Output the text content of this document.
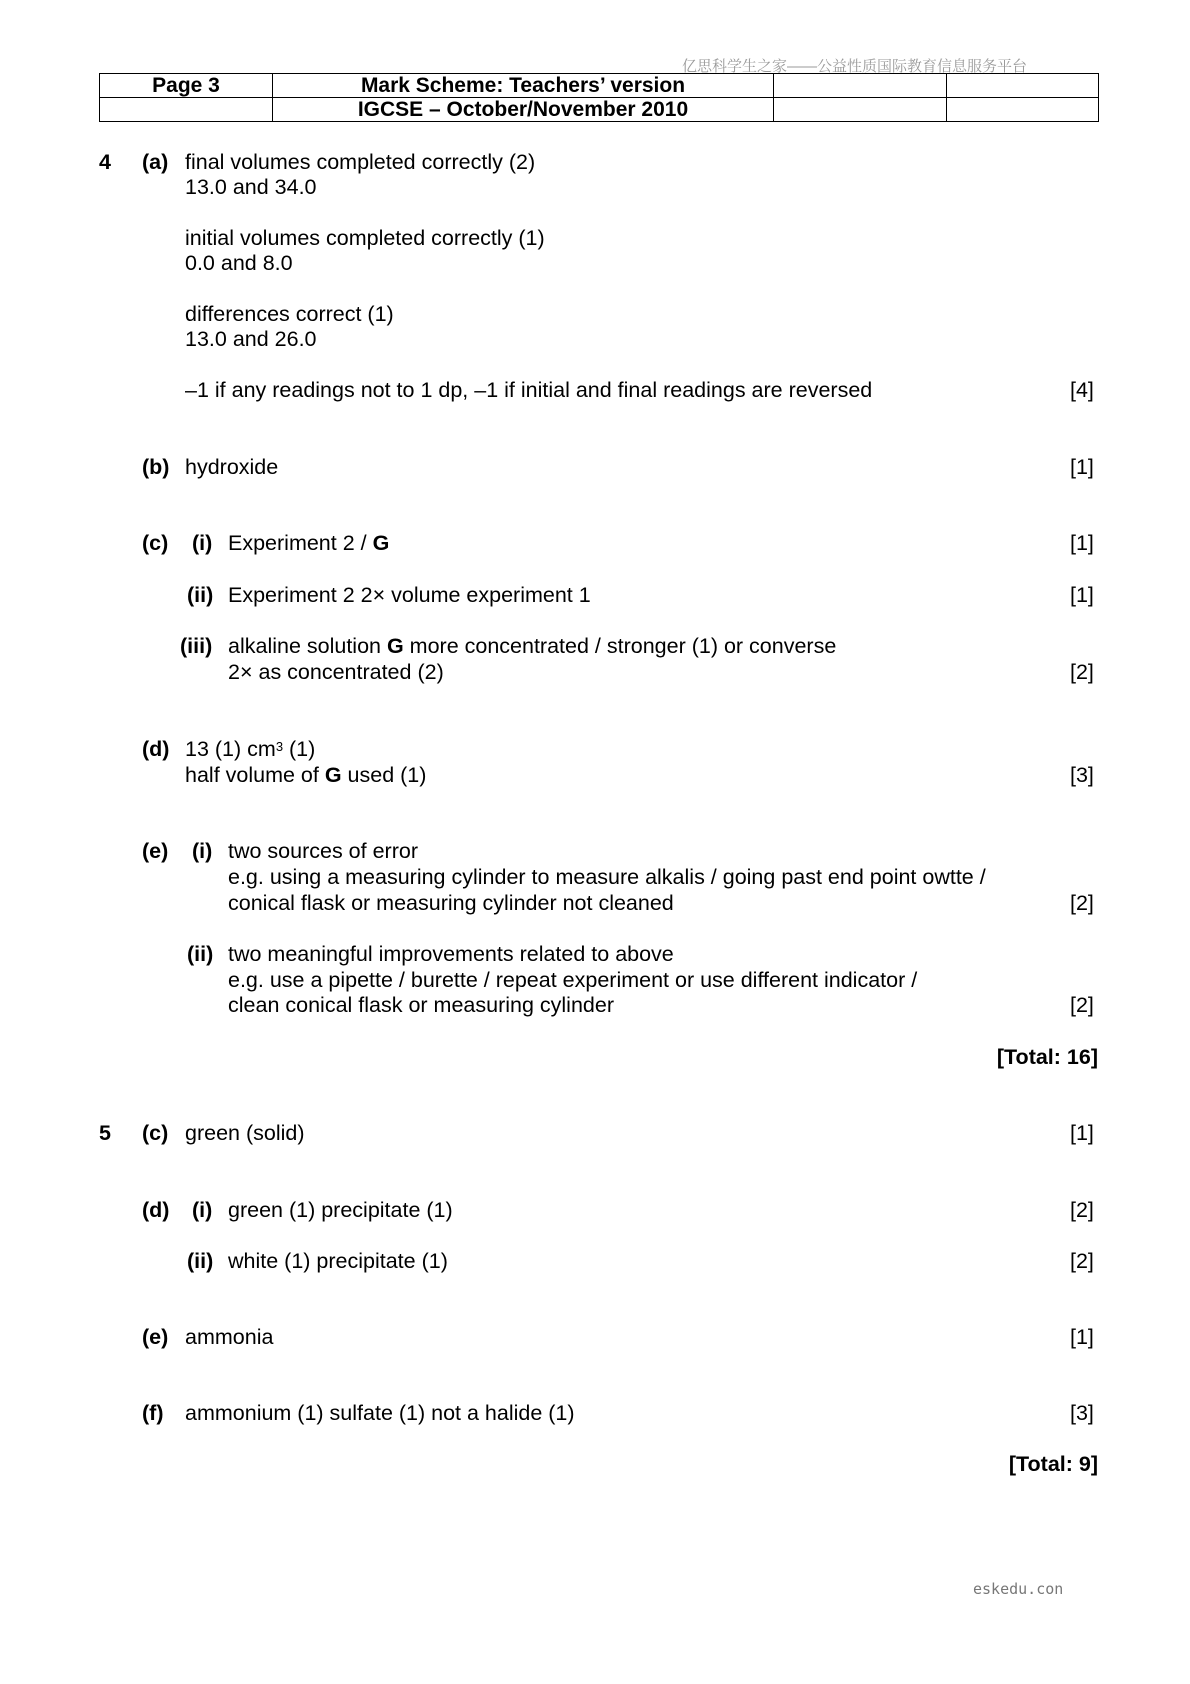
亿思科学生之家——公益性质国际教育信息服务平台
Page 3	Mark Scheme: Teachers’ version		
	IGCSE – October/November 2010		
4 (a) final volumes completed correctly (2)
13.0 and 34.0
initial volumes completed correctly (1)
0.0 and 8.0
differences correct (1)
13.0 and 26.0
–1 if any readings not to 1 dp, –1 if initial and final readings are reversed	[4]
(b) hydroxide	[1]
(c) (i) Experiment 2 / G	[1]
(ii) Experiment 2 2× volume experiment 1	[1]
(iii) alkaline solution G more concentrated / stronger (1) or converse
2× as concentrated (2)	[2]
(d) 13 (1) $cm^3$ (1)
half volume of G used (1)	[3]
(e) (i) two sources of error
e.g. using a measuring cylinder to measure alkalis / going past end point owtte /
conical flask or measuring cylinder not cleaned	[2]
(ii) two meaningful improvements related to above
e.g. use a pipette / burette / repeat experiment or use different indicator /
clean conical flask or measuring cylinder	[2]
[Total: 16]
5 (c) green (solid)	[1]
(d) (i) green (1) precipitate (1)	[2]
(ii) white (1) precipitate (1)	[2]
(e) ammonia	[1]
(f) ammonium (1) sulfate (1) not a halide (1)	[3]
[Total: 9]
eskedu.con
